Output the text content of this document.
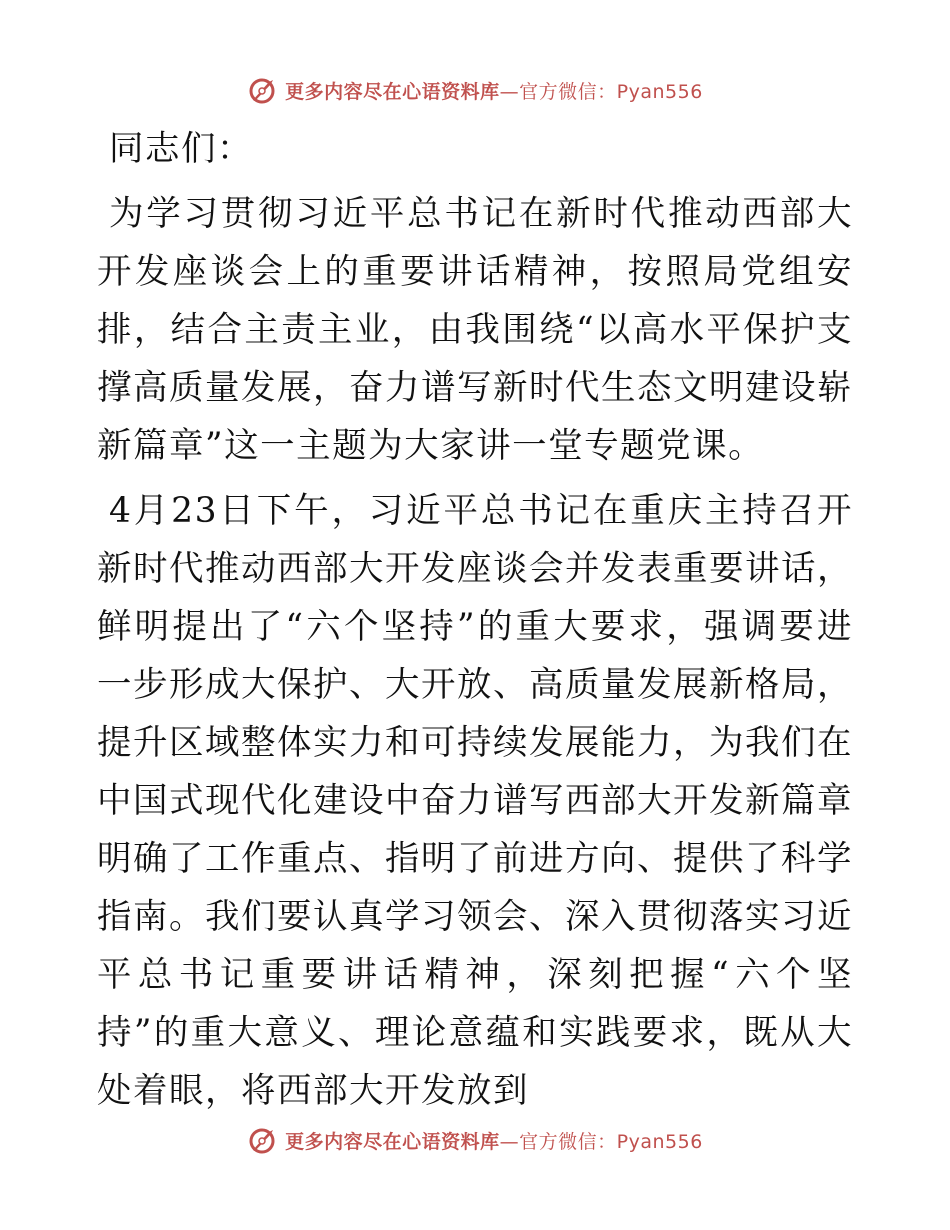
更多内容尽在心语资料库—官方微信：Pyan556

同志们：

为学习贯彻习近平总书记在新时代推动西部大开发座谈会上的重要讲话精神，按照局党组安排，结合主责主业，由我围绕“以高水平保护支撑高质量发展，奋力谱写新时代生态文明建设崭新篇章”这一主题为大家讲一堂专题党课。

4月23日下午，习近平总书记在重庆主持召开新时代推动西部大开发座谈会并发表重要讲话，鲜明提出了“六个坚持”的重大要求，强调要进一步形成大保护、大开放、高质量发展新格局，提升区域整体实力和可持续发展能力，为我们在中国式现代化建设中奋力谱写西部大开发新篇章明确了工作重点、指明了前进方向、提供了科学指南。我们要认真学习领会、深入贯彻落实习近平总书记重要讲话精神，深刻把握“六个坚持”的重大意义、理论意蕴和实践要求，既从大处着眼，将西部大开发放到

更多内容尽在心语资料库—官方微信：Pyan556
